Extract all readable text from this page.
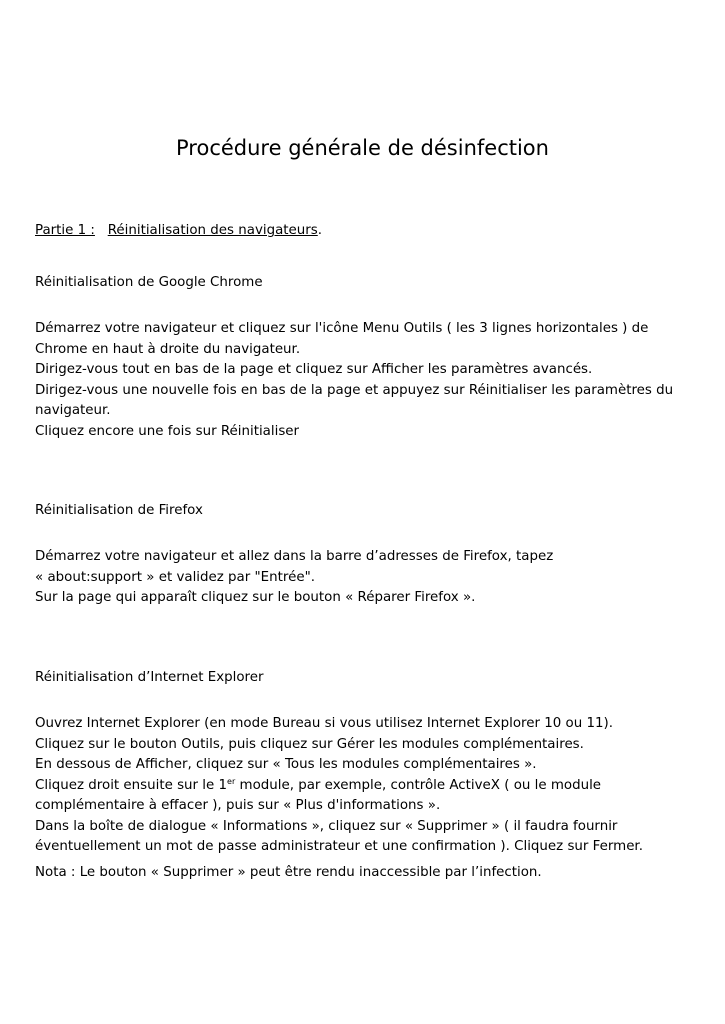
Procédure générale de désinfection
Partie 1 : Réinitialisation des navigateurs.
Réinitialisation de Google Chrome
Démarrez votre navigateur et cliquez sur l'icône Menu Outils ( les 3 lignes horizontales ) de
Chrome en haut à droite du navigateur.
Dirigez-vous tout en bas de la page et cliquez sur Afficher les paramètres avancés.
Dirigez-vous une nouvelle fois en bas de la page et appuyez sur Réinitialiser les paramètres du
navigateur.
Cliquez encore une fois sur Réinitialiser
Réinitialisation de Firefox
Démarrez votre navigateur et allez dans la barre d’adresses de Firefox, tapez
« about:support » et validez par "Entrée".
Sur la page qui apparaît cliquez sur le bouton « Réparer Firefox ».
Réinitialisation d’Internet Explorer
Ouvrez Internet Explorer (en mode Bureau si vous utilisez Internet Explorer 10 ou 11).
Cliquez sur le bouton Outils, puis cliquez sur Gérer les modules complémentaires.
En dessous de Afficher, cliquez sur « Tous les modules complémentaires ».
Cliquez droit ensuite sur le 1er module, par exemple, contrôle ActiveX ( ou le module
complémentaire à effacer ), puis sur « Plus d'informations ».
Dans la boîte de dialogue « Informations », cliquez sur « Supprimer » ( il faudra fournir
éventuellement un mot de passe administrateur et une confirmation ). Cliquez sur Fermer.
Nota : Le bouton « Supprimer » peut être rendu inaccessible par l’infection.
